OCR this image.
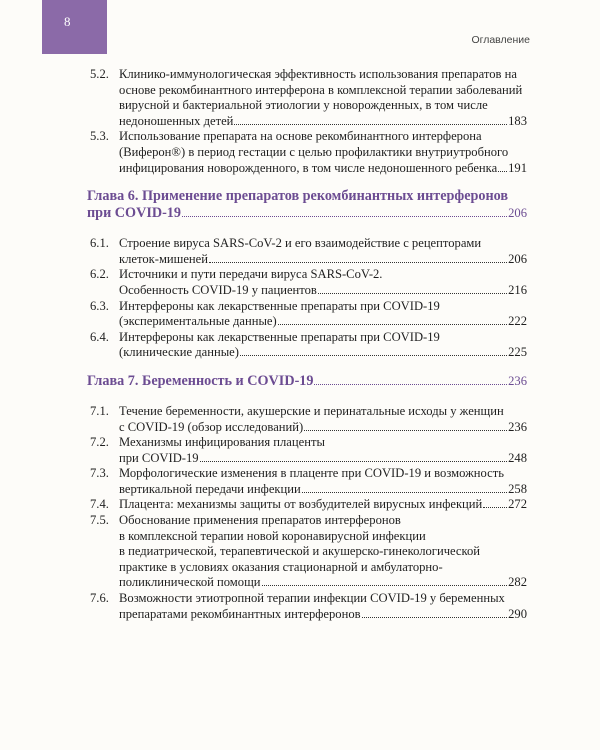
8
Оглавление
5.2. Клинико-иммунологическая эффективность использования препаратов на
основе рекомбинантного интерферона в комплексной терапии заболеваний
вирусной и бактериальной этиологии у новорожденных, в том числе
недоношенных детей	183
5.3. Использование препарата на основе рекомбинантного интерферона
(Виферон®) в период гестации с целью профилактики внутриутробного
инфицирования новорожденного, в том числе недоношенного ребенка 191
Глава 6. Применение препаратов рекомбинантных интерферонов
при COVID-19	206
6.1. Строение вируса SARS-CoV-2 и его взаимодействие с рецепторами
клеток-мишеней	206
6.2. Источники и пути передачи вируса SARS-CoV-2.
Особенность COVID-19 у пациентов	216
6.3. Интерфероны как лекарственные препараты при COVID-19
(экспериментальные данные)	222
6.4. Интерфероны как лекарственные препараты при COVID-19
(клинические данные)	225
Глава 7. Беременность и COVID-19	236
7.1. Течение беременности, акушерские и перинатальные исходы у женщин
с COVID-19 (обзор исследований)	236
7.2. Механизмы инфицирования плаценты
при COVID-19	248
7.3. Морфологические изменения в плаценте при COVID-19 и возможность
вертикальной передачи инфекции	258
7.4. Плацента: механизмы защиты от возбудителей вирусных инфекций 272
7.5. Обоснование применения препаратов интерферонов
в комплексной терапии новой коронавирусной инфекции
в педиатрической, терапевтической и акушерско-гинекологической
практике в условиях оказания стационарной и амбулаторно-
поликлинической помощи	282
7.6. Возможности этиотропной терапии инфекции COVID-19 у беременных
препаратами рекомбинантных интерферонов	290
